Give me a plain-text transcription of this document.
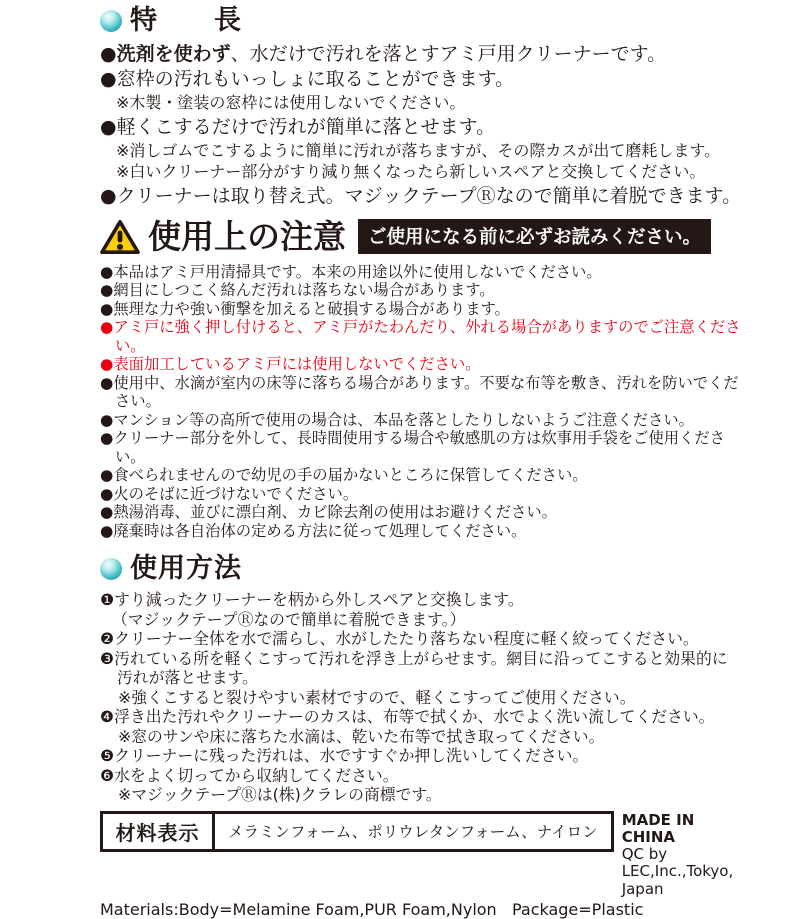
特　　長
●洗剤を使わず、水だけで汚れを落とすアミ戸用クリーナーです。
●窓枠の汚れもいっしょに取ることができます。
※木製・塗装の窓枠には使用しないでください。
●軽くこするだけで汚れが簡単に落とせます。
※消しゴムでこするように簡単に汚れが落ちますが、その際カスが出て磨耗します。
※白いクリーナー部分がすり減り無くなったら新しいスペアと交換してください。
●クリーナーは取り替え式。マジックテープⓇなので簡単に着脱できます。
使用上の注意	ご使用になる前に必ずお読みください。
●本品はアミ戸用清掃具です。本来の用途以外に使用しないでください。
●網目にしつこく絡んだ汚れは落ちない場合があります。
●無理な力や強い衝撃を加えると破損する場合があります。
●アミ戸に強く押し付けると、アミ戸がたわんだり、外れる場合がありますのでご注意ください。
●表面加工しているアミ戸には使用しないでください。
●使用中、水滴が室内の床等に落ちる場合があります。不要な布等を敷き、汚れを防いでください。
●マンション等の高所で使用の場合は、本品を落としたりしないようご注意ください。
●クリーナー部分を外して、長時間使用する場合や敏感肌の方は炊事用手袋をご使用ください。
●食べられませんので幼児の手の届かないところに保管してください。
●火のそばに近づけないでください。
●熱湯消毒、並びに漂白剤、カビ除去剤の使用はお避けください。
●廃棄時は各自治体の定める方法に従って処理してください。
使用方法
❶すり減ったクリーナーを柄から外しスペアと交換します。
（マジックテープⓇなので簡単に着脱できます。）
❷クリーナー全体を水で濡らし、水がしたたり落ちない程度に軽く絞ってください。
❸汚れている所を軽くこすって汚れを浮き上がらせます。網目に沿ってこすると効果的に汚れが落とせます。
※強くこすると裂けやすい素材ですので、軽くこすってご使用ください。
❹浮き出た汚れやクリーナーのカスは、布等で拭くか、水でよく洗い流してください。
※窓のサンや床に落ちた水滴は、乾いた布等で拭き取ってください。
❺クリーナーに残った汚れは、水ですすぐか押し洗いしてください。
❻水をよく切ってから収納してください。
※マジックテープⓇは(株)クラレの商標です。
材料表示	メラミンフォーム、ポリウレタンフォーム、ナイロン
MADE IN CHINA
QC by LEC,Inc.,Tokyo, Japan
Materials:Body=Melamine Foam,PUR Foam,Nylon   Package=Plastic
